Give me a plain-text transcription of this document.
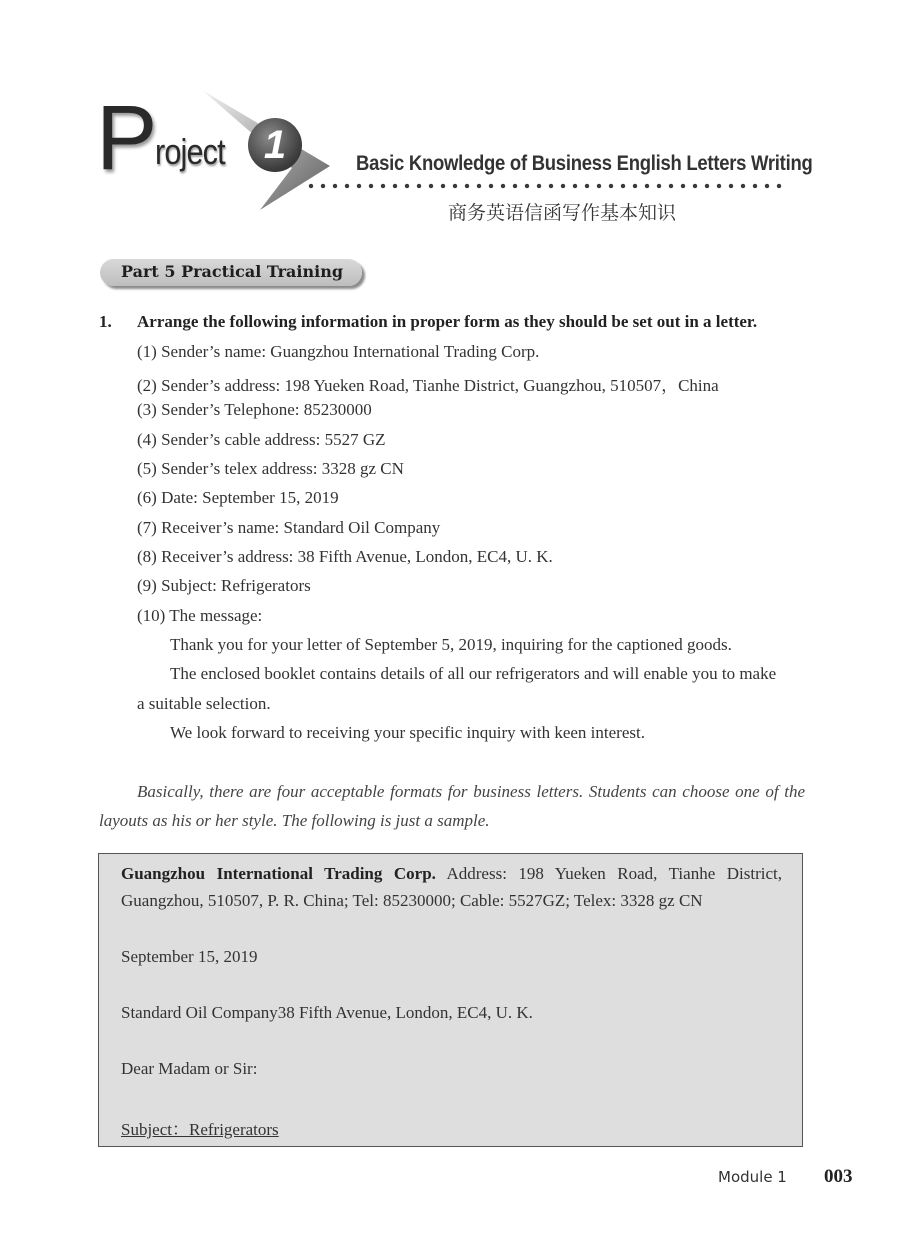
P
roject 1	Basic Knowledge of Business English Letters Writing
商务英语信函写作基本知识
Part 5 Practical Training
1. Arrange the following information in proper form as they should be set out in a letter.
(1) Sender’s name: Guangzhou International Trading Corp.
(2) Sender’s address: 198 Yueken Road, Tianhe District, Guangzhou, 510507，China
(3) Sender’s Telephone: 85230000
(4) Sender’s cable address: 5527 GZ
(5) Sender’s telex address: 3328 gz CN
(6) Date: September 15, 2019
(7) Receiver’s name: Standard Oil Company
(8) Receiver’s address: 38 Fifth Avenue, London, EC4, U. K.
(9) Subject: Refrigerators
(10) The message:
Thank you for your letter of September 5, 2019, inquiring for the captioned goods.
The enclosed booklet contains details of all our refrigerators and will enable you to make
a suitable selection.
We look forward to receiving your specific inquiry with keen interest.
Basically, there are four acceptable formats for business letters. Students can choose one of the layouts as his or her style. The following is just a sample.
Guangzhou International Trading Corp. Address: 198 Yueken Road, Tianhe District, Guangzhou, 510507, P. R. China; Tel: 85230000; Cable: 5527GZ; Telex: 3328 gz CN
September 15, 2019
Standard Oil Company38 Fifth Avenue, London, EC4, U. K.
Dear Madam or Sir:
Subject：Refrigerators
Module 1 003
